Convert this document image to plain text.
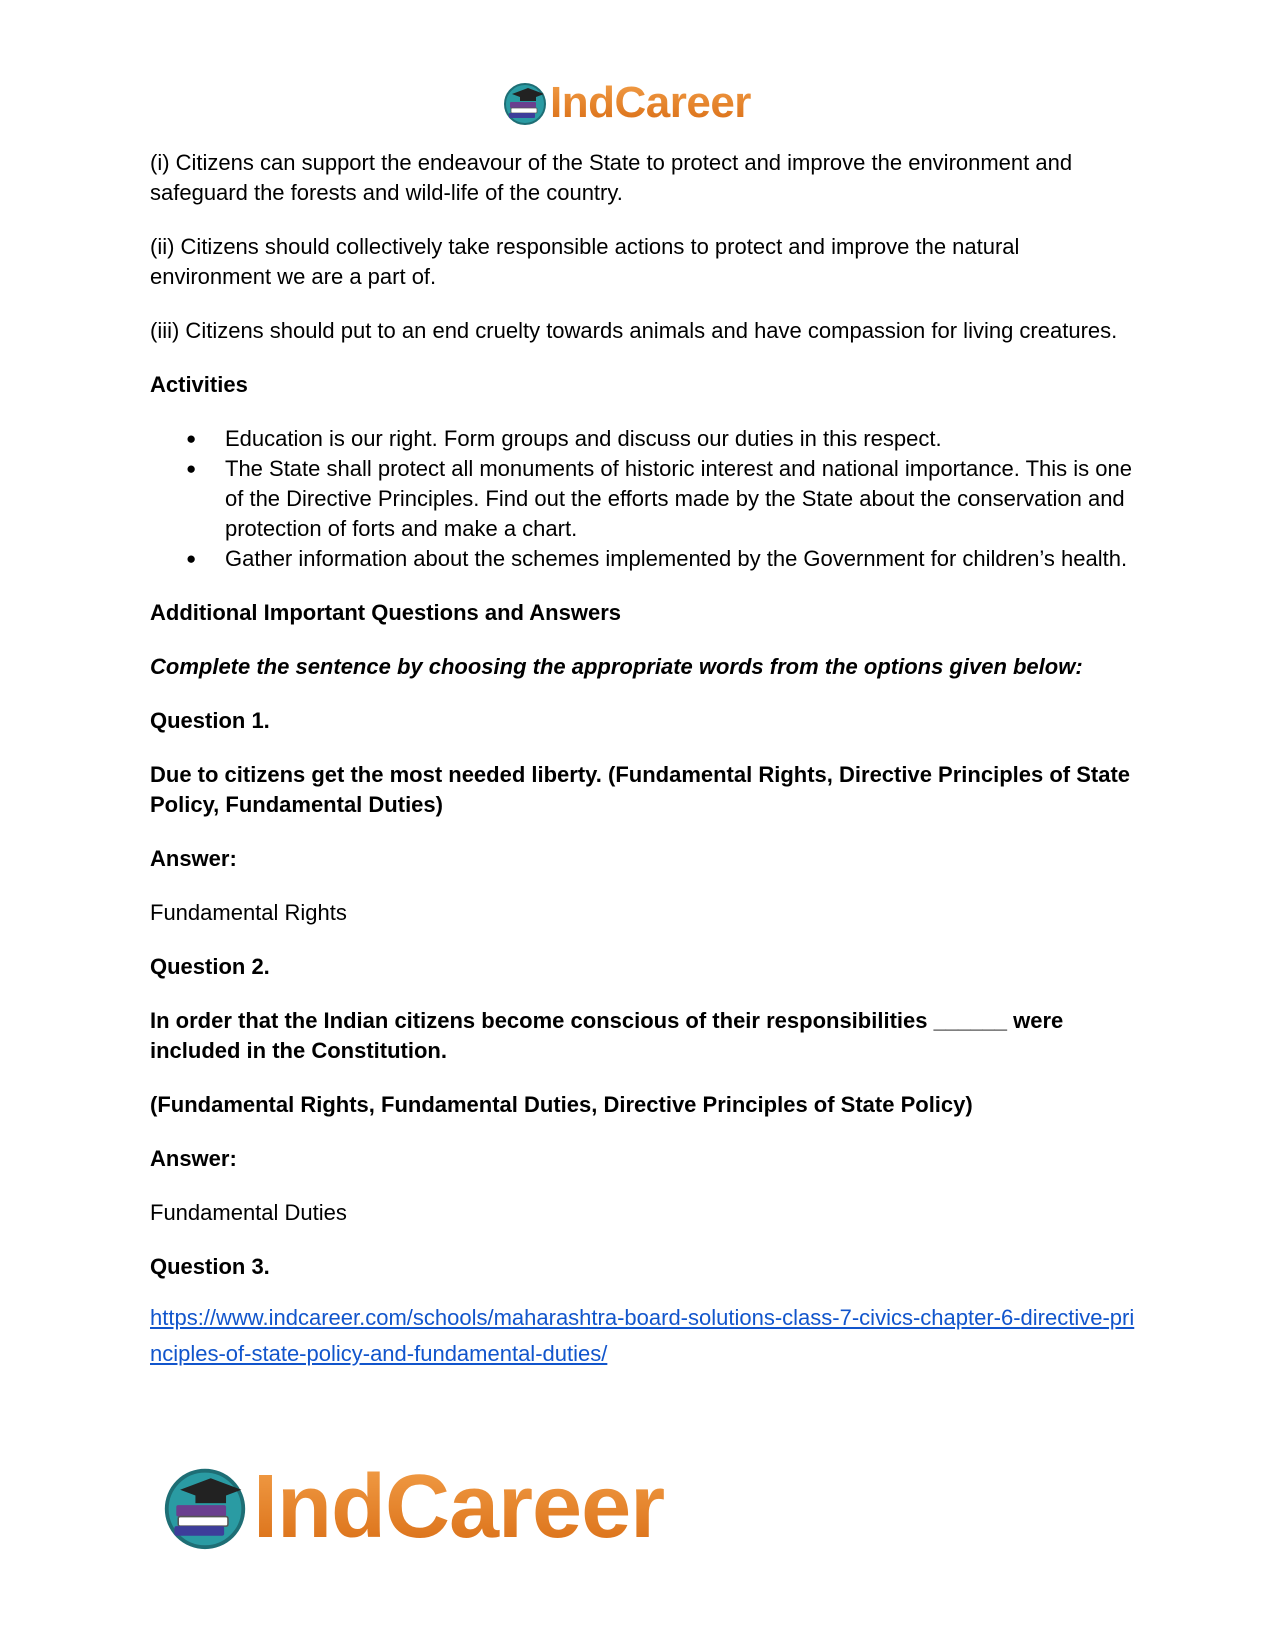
IndCareer

(i) Citizens can support the endeavour of the State to protect and improve the environment and safeguard the forests and wild-life of the country.

(ii) Citizens should collectively take responsible actions to protect and improve the natural environment we are a part of.

(iii) Citizens should put to an end cruelty towards animals and have compassion for living creatures.

Activities

● Education is our right. Form groups and discuss our duties in this respect.
● The State shall protect all monuments of historic interest and national importance. This is one of the Directive Principles. Find out the efforts made by the State about the conservation and protection of forts and make a chart.
● Gather information about the schemes implemented by the Government for children’s health.

Additional Important Questions and Answers

Complete the sentence by choosing the appropriate words from the options given below:

Question 1.

Due to citizens get the most needed liberty. (Fundamental Rights, Directive Principles of State Policy, Fundamental Duties)

Answer:

Fundamental Rights

Question 2.

In order that the Indian citizens become conscious of their responsibilities ______ were included in the Constitution.

(Fundamental Rights, Fundamental Duties, Directive Principles of State Policy)

Answer:

Fundamental Duties

Question 3.

https://www.indcareer.com/schools/maharashtra-board-solutions-class-7-civics-chapter-6-directive-principles-of-state-policy-and-fundamental-duties/
IndCareer
